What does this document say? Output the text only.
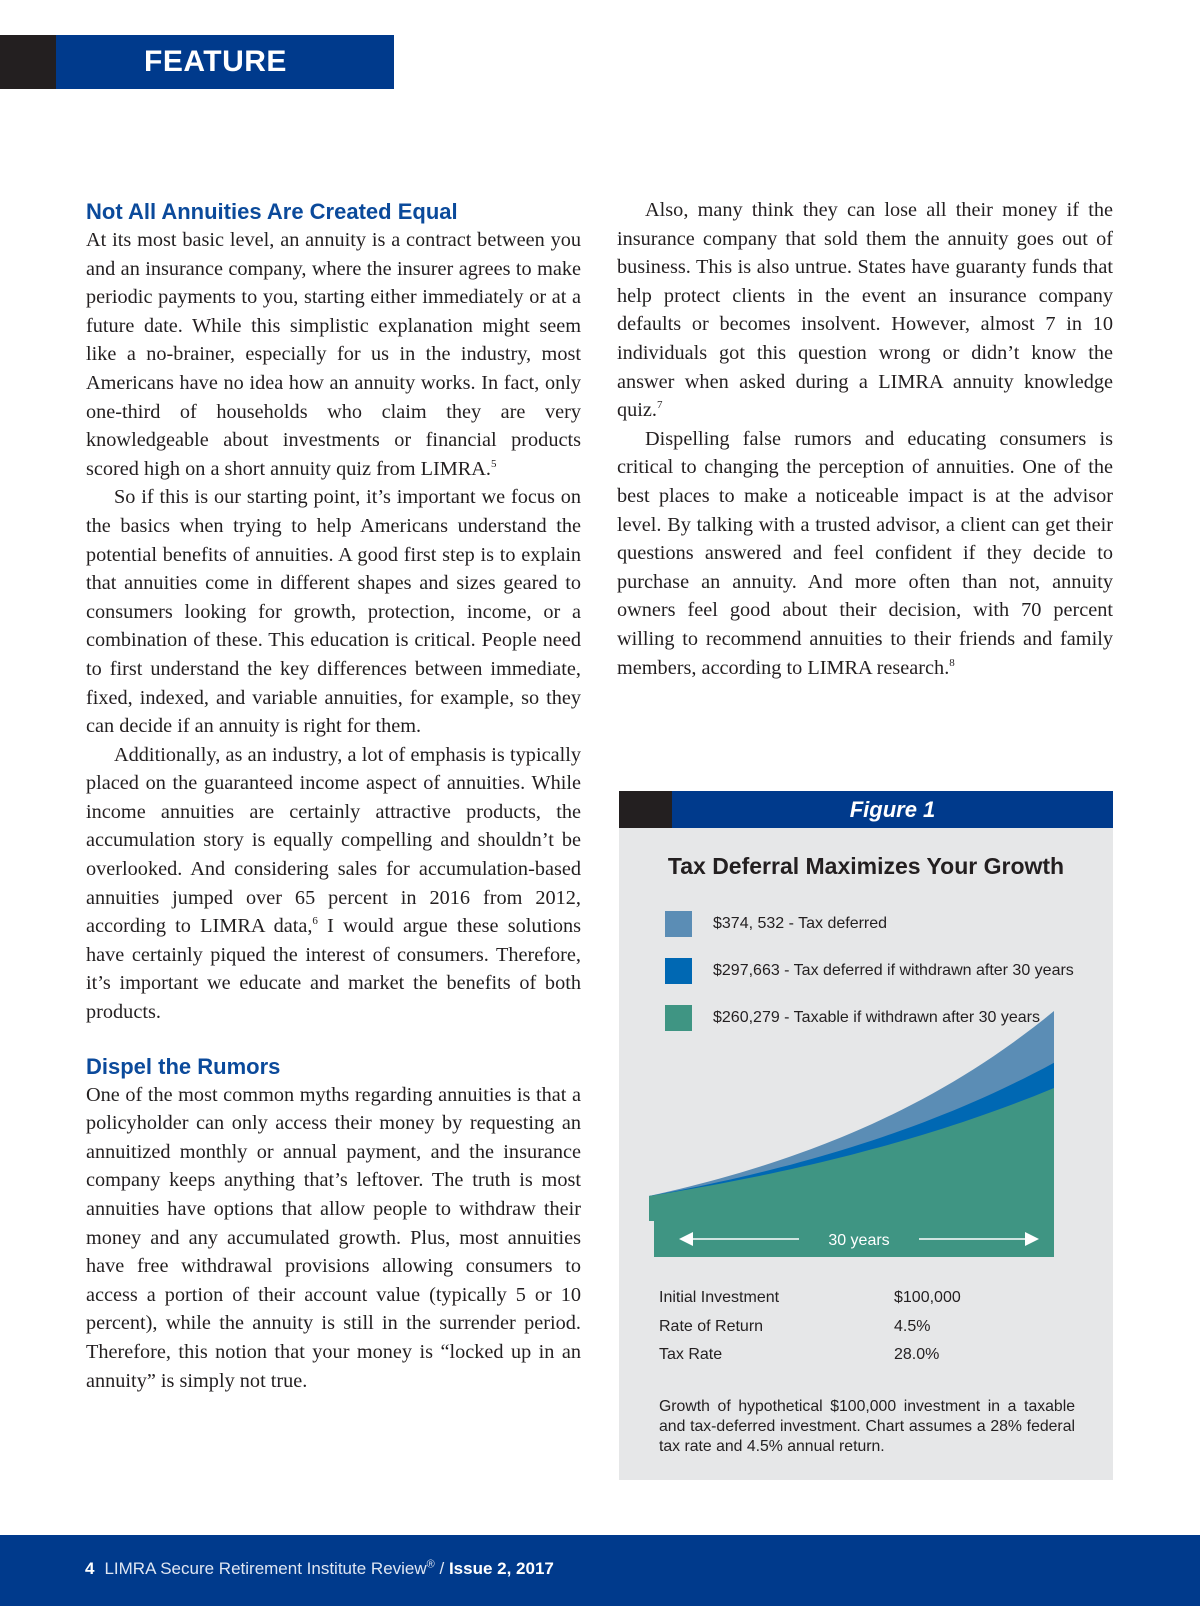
FEATURE
Not All Annuities Are Created Equal

At its most basic level, an annuity is a contract between you and an insurance company, where the insurer agrees to make periodic payments to you, starting either immediately or at a future date. While this simplistic explanation might seem like a no-brainer, especially for us in the industry, most Americans have no idea how an annuity works. In fact, only one-third of households who claim they are very knowledgeable about investments or financial products scored high on a short annuity quiz from LIMRA.$^5$

So if this is our starting point, it’s important we focus on the basics when trying to help Americans understand the potential benefits of annuities. A good first step is to explain that annuities come in different shapes and sizes geared to consumers looking for growth, protection, income, or a combination of these. This education is critical. People need to first understand the key differences between immediate, fixed, indexed, and variable annuities, for example, so they can decide if an annuity is right for them.

Additionally, as an industry, a lot of emphasis is typically placed on the guaranteed income aspect of annuities. While income annuities are certainly attractive products, the accumulation story is equally compelling and shouldn’t be overlooked. And considering sales for accumulation-based annuities jumped over 65 percent in 2016 from 2012, according to LIMRA data,$^6$ I would argue these solutions have certainly piqued the interest of consumers. Therefore, it’s important we educate and market the benefits of both products.

Dispel the Rumors

One of the most common myths regarding annuities is that a policyholder can only access their money by requesting an annuitized monthly or annual payment, and the insurance company keeps anything that’s leftover. The truth is most annuities have options that allow people to withdraw their money and any accumulated growth. Plus, most annuities have free withdrawal provisions allowing consumers to access a portion of their account value (typically 5 or 10 percent), while the annuity is still in the surrender period. Therefore, this notion that your money is “locked up in an annuity” is simply not true.

Also, many think they can lose all their money if the insurance company that sold them the annuity goes out of business. This is also untrue. States have guaranty funds that help protect clients in the event an insurance company defaults or becomes insolvent. However, almost 7 in 10 individuals got this question wrong or didn’t know the answer when asked during a LIMRA annuity knowledge quiz.$^7$

Dispelling false rumors and educating consumers is critical to changing the perception of annuities. One of the best places to make a noticeable impact is at the advisor level. By talking with a trusted advisor, a client can get their questions answered and feel confident if they decide to purchase an annuity. And more often than not, annuity owners feel good about their decision, with 70 percent willing to recommend annuities to their friends and family members, according to LIMRA research.$^8$

Figure 1
Tax Deferral Maximizes Your Growth
$374, 532 - Tax deferred
$297,663 - Tax deferred if withdrawn after 30 years
$260,279 - Taxable if withdrawn after 30 years
30 years
Initial Investment	$100,000
Rate of Return	4.5%
Tax Rate	28.0%
Growth of hypothetical $100,000 investment in a taxable and tax-deferred investment. Chart assumes a 28% federal tax rate and 4.5% annual return.
4 LIMRA Secure Retirement Institute Review® / Issue 2, 2017
